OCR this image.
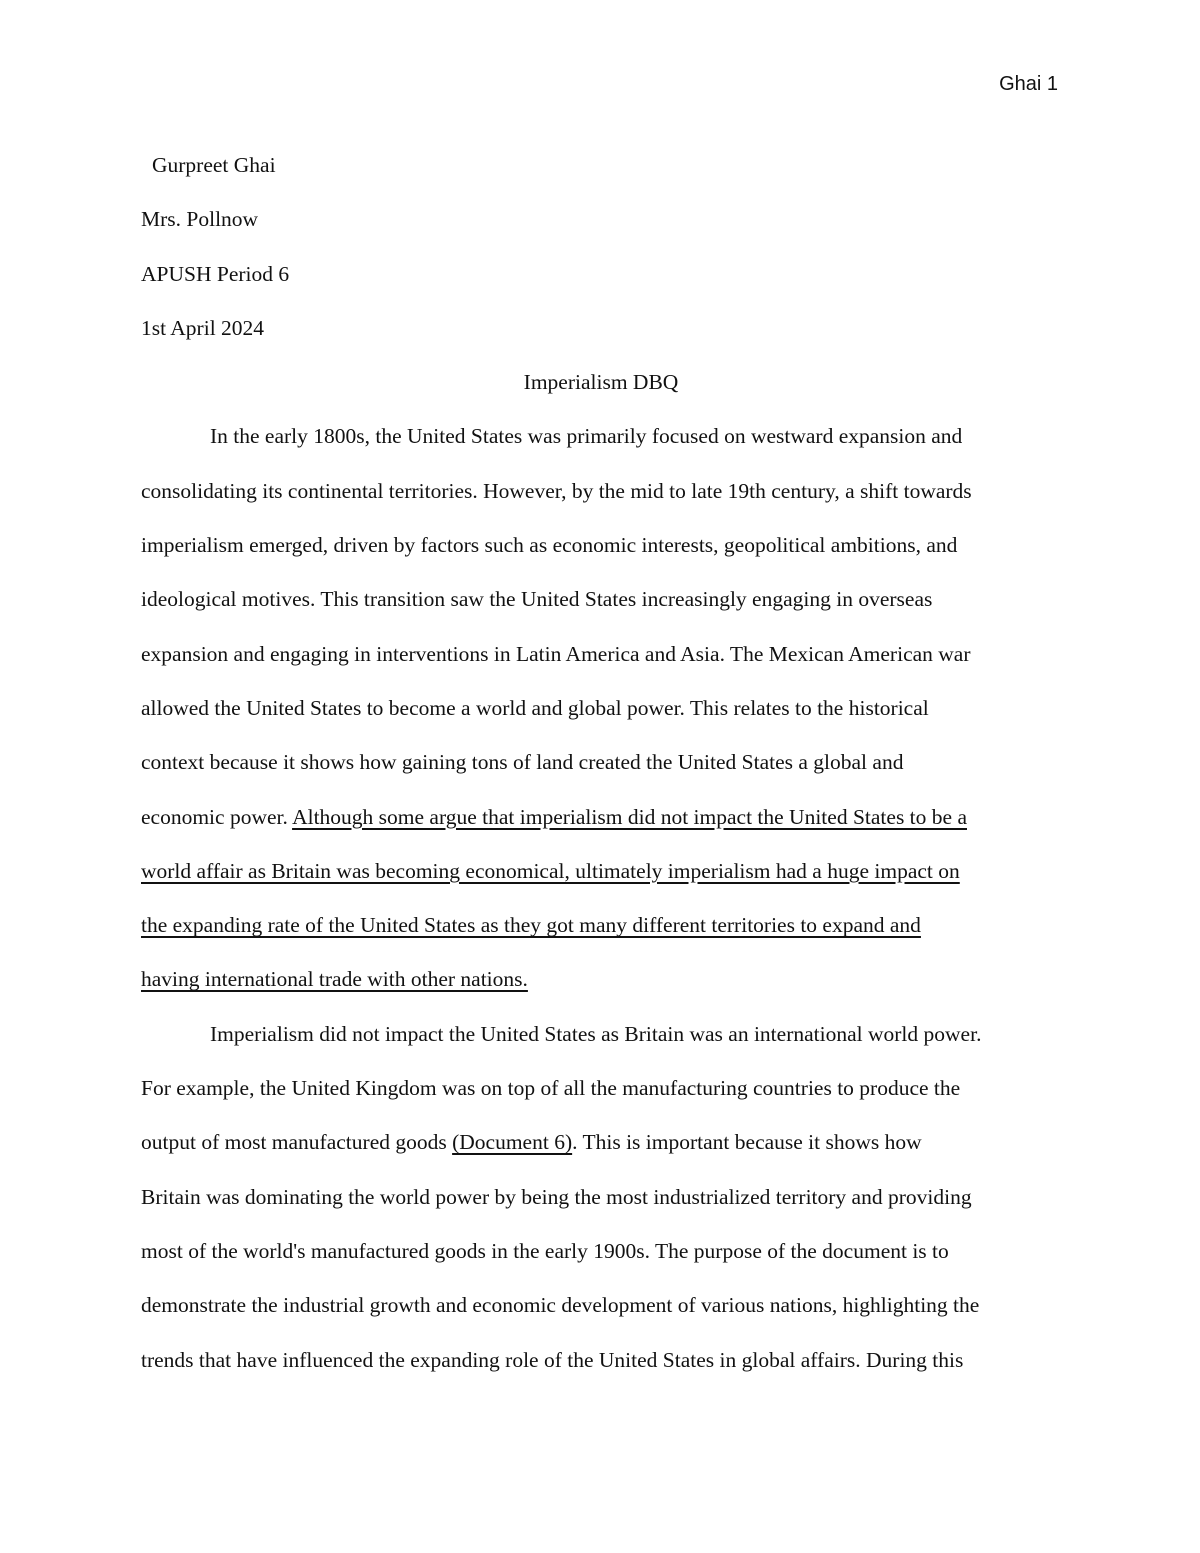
Ghai 1
Gurpreet Ghai
Mrs. Pollnow
APUSH Period 6
1st April 2024
Imperialism DBQ
In the early 1800s, the United States was primarily focused on westward expansion and
consolidating its continental territories. However, by the mid to late 19th century, a shift towards
imperialism emerged, driven by factors such as economic interests, geopolitical ambitions, and
ideological motives. This transition saw the United States increasingly engaging in overseas
expansion and engaging in interventions in Latin America and Asia. The Mexican American war
allowed the United States to become a world and global power. This relates to the historical
context because it shows how gaining tons of land created the United States a global and
economic power. Although some argue that imperialism did not impact the United States to be a
world affair as Britain was becoming economical, ultimately imperialism had a huge impact on
the expanding rate of the United States as they got many different territories to expand and
having international trade with other nations.
Imperialism did not impact the United States as Britain was an international world power.
For example, the United Kingdom was on top of all the manufacturing countries to produce the
output of most manufactured goods (Document 6). This is important because it shows how
Britain was dominating the world power by being the most industrialized territory and providing
most of the world's manufactured goods in the early 1900s. The purpose of the document is to
demonstrate the industrial growth and economic development of various nations, highlighting the
trends that have influenced the expanding role of the United States in global affairs. During this
